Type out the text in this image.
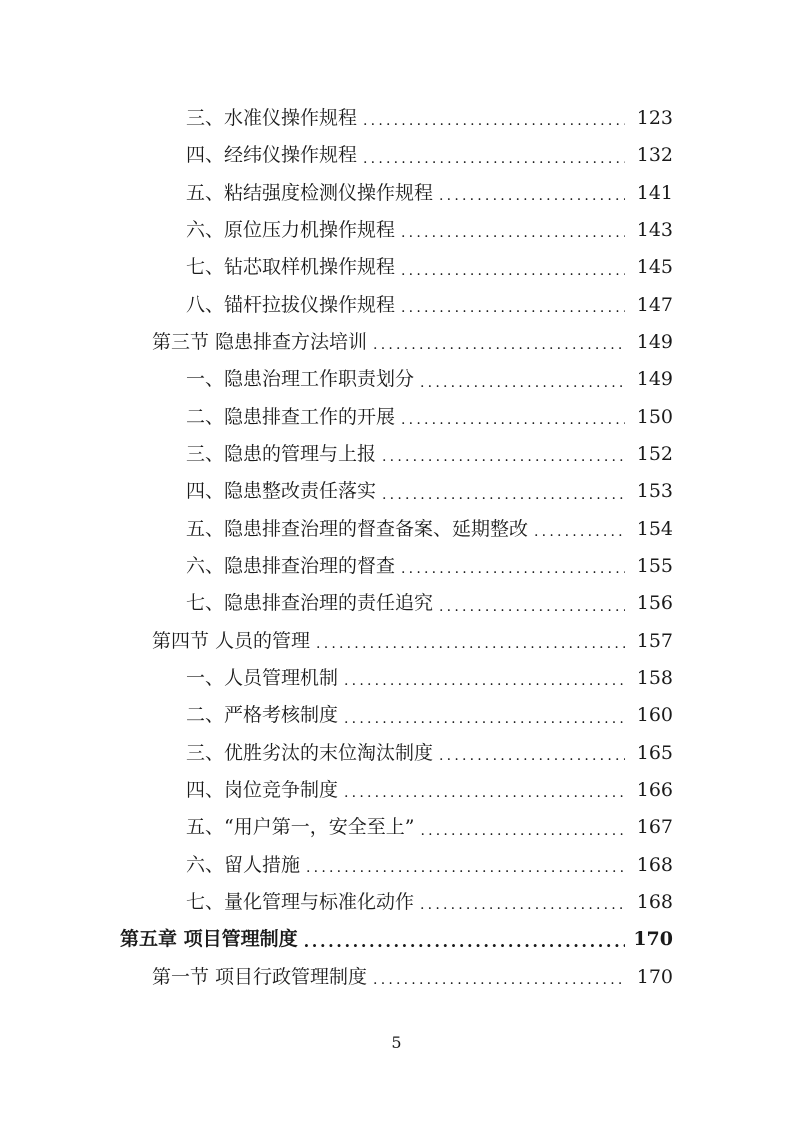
三、水准仪操作规程 .....	123
四、经纬仪操作规程 .....	132
五、粘结强度检测仪操作规程 .....	141
六、原位压力机操作规程 .....	143
七、钻芯取样机操作规程 .....	145
八、锚杆拉拔仪操作规程 .....	147
第三节 隐患排查方法培训 .....	149
一、隐患治理工作职责划分 .....	149
二、隐患排查工作的开展 .....	150
三、隐患的管理与上报 .....	152
四、隐患整改责任落实 .....	153
五、隐患排查治理的督查备案、延期整改 .....	154
六、隐患排查治理的督查 .....	155
七、隐患排查治理的责任追究 .....	156
第四节 人员的管理 .....	157
一、人员管理机制 .....	158
二、严格考核制度 .....	160
三、优胜劣汰的末位淘汰制度 .....	165
四、岗位竞争制度 .....	166
五、“用户第一，安全至上” .....	167
六、留人措施 .....	168
七、量化管理与标准化动作 .....	168
第五章 项目管理制度 .....	170
第一节 项目行政管理制度 .....	170
5
